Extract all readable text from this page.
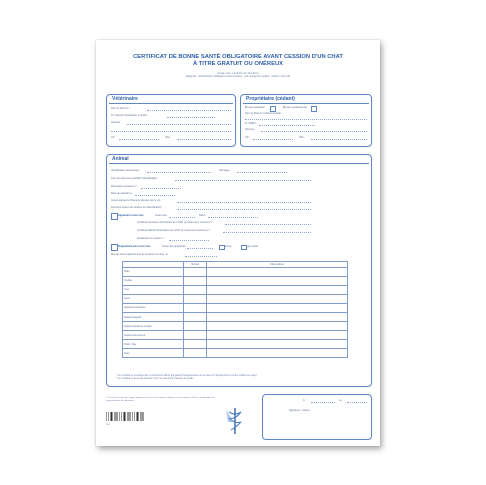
CERTIFICAT DE BONNE SANTÉ OBLIGATOIRE AVANT CESSION D'UN CHAT
À TITRE GRATUIT OU ONÉREUX
(Code rural, L.214-8 et D. 214-32-2)
(Rappels : identification obligatoire avant cession : à la charge du cédant - article L.212-10)
Vétérinaire
Nom et Prénom :
N° national d'inscription à l'Ordre :
Adresse :
CP :	Ville :
Propriétaire (cédant)
Éleveur particulier	Éleveur professionnel
Nom et Prénom / Raison sociale :
N° SIRET :
Adresse :
CP :	Ville :
Animal
Identification électronique :	Tatouage :
Type de document justifiant l'identification :
Passeport européen n° :
Date de naissance :
Autres éléments observés attestés par le vét :
Données issues des fichiers de l'identification :
Appartient à une race	Code race :	Race :
Certificat provisoire d'inscription au LOOF (ou autre livre reconnu) n° :
Certificat définitif d'inscription au LOOF (ou autre livre reconnu) n° :
Déclaration de portée n° :
N'appartient pas à une race	Code race apparenté :	Croisé	Type racial
État de santé apparent lors de l'examen du chat : le :
	Normal	Observations
Peau		
Oreilles		
Yeux		
Cœur		
Appareil respiratoire		
Appareil digestif		
Appareil génital et urinaire		
Appareil locomoteur		
Poids / Âge		
Autre		
* Ce certificat ne constitue pas un document officiel qui garantit l'appartenance à une race (cf. Règlement de l'Ordre relatif à ce sujet).
* Ce certificat ne peut être apposé ni sur un document présenté au public.
À :	Le :
Signature / Cachet
* Il n'est fait ici que des signes apparents à l'issue de l'examen clinique. Les documents relatifs à la demande de propriétaire ou du vétérinaire.
F24
